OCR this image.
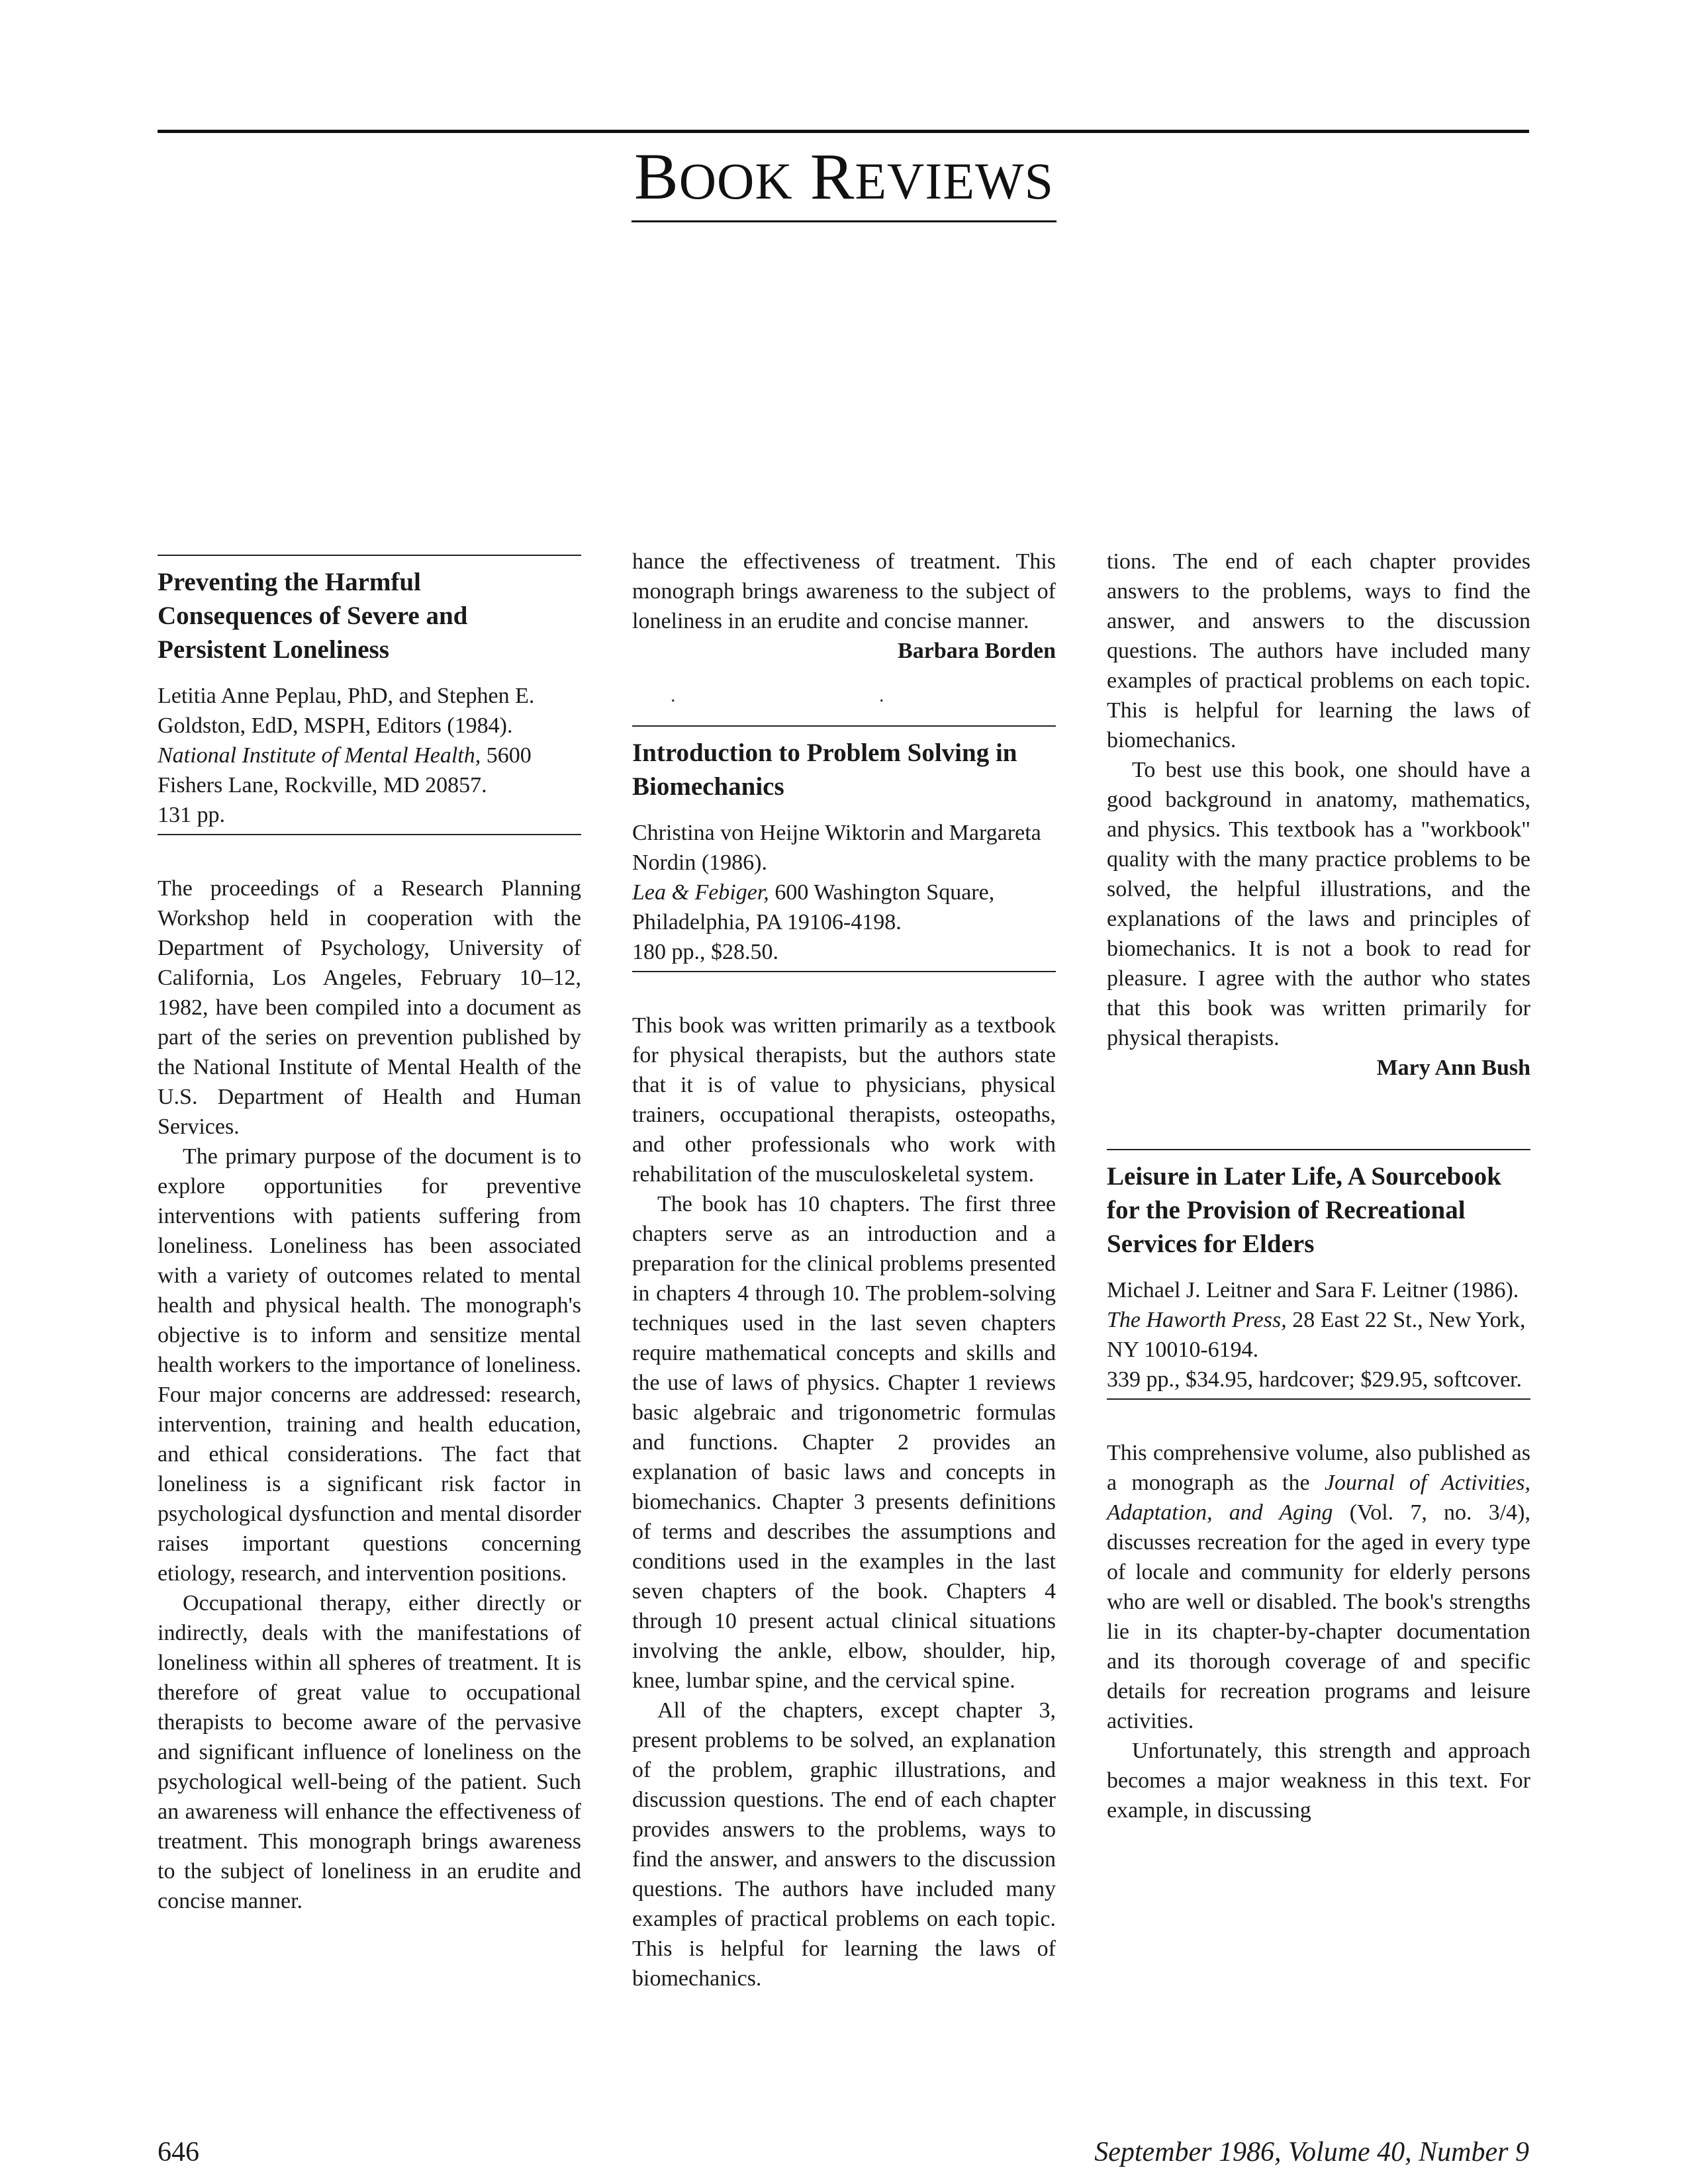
BOOK REVIEWS
Preventing the Harmful Consequences of Severe and Persistent Loneliness

Letitia Anne Peplau, PhD, and Stephen E. Goldston, EdD, MSPH, Editors (1984).

National Institute of Mental Health, 5600 Fishers Lane, Rockville, MD 20857.

131 pp.

The proceedings of a Research Planning Workshop held in cooperation with the Department of Psychology, University of California, Los Angeles, February 10–12, 1982, have been compiled into a document as part of the series on prevention published by the National Institute of Mental Health of the U.S. Department of Health and Human Services.

The primary purpose of the document is to explore opportunities for preventive interventions with patients suffering from loneliness. Loneliness has been associated with a variety of outcomes related to mental health and physical health. The monograph's objective is to inform and sensitize mental health workers to the importance of loneliness. Four major concerns are addressed: research, intervention, training and health education, and ethical considerations. The fact that loneliness is a significant risk factor in psychological dysfunction and mental disorder raises important questions concerning etiology, research, and intervention positions.

Occupational therapy, either directly or indirectly, deals with the manifestations of loneliness within all spheres of treatment. It is therefore of great value to occupational therapists to become aware of the pervasive and significant influence of loneliness on the psychological well-being of the patient. Such an awareness will enhance the effectiveness of treatment. This monograph brings awareness to the subject of loneliness in an erudite and concise manner.

hance the effectiveness of treatment. This monograph brings awareness to the subject of loneliness in an erudite and concise manner.

Barbara Borden

. .
Introduction to Problem Solving in Biomechanics

Christina von Heijne Wiktorin and Margareta Nordin (1986).

Lea & Febiger, 600 Washington Square, Philadelphia, PA 19106-4198.

180 pp., $28.50.

This book was written primarily as a textbook for physical therapists, but the authors state that it is of value to physicians, physical trainers, occupational therapists, osteopaths, and other professionals who work with rehabilitation of the musculoskeletal system.

The book has 10 chapters. The first three chapters serve as an introduction and a preparation for the clinical problems presented in chapters 4 through 10. The problem-solving techniques used in the last seven chapters require mathematical concepts and skills and the use of laws of physics. Chapter 1 reviews basic algebraic and trigonometric formulas and functions. Chapter 2 provides an explanation of basic laws and concepts in biomechanics. Chapter 3 presents definitions of terms and describes the assumptions and conditions used in the examples in the last seven chapters of the book. Chapters 4 through 10 present actual clinical situations involving the ankle, elbow, shoulder, hip, knee, lumbar spine, and the cervical spine.

All of the chapters, except chapter 3, present problems to be solved, an explanation of the problem, graphic illustrations, and discussion questions. The end of each chapter provides answers to the problems, ways to find the answer, and answers to the discussion questions. The authors have included many examples of practical problems on each topic. This is helpful for learning the laws of biomechanics.

tions. The end of each chapter provides answers to the problems, ways to find the answer, and answers to the discussion questions. The authors have included many examples of practical problems on each topic. This is helpful for learning the laws of biomechanics.

To best use this book, one should have a good background in anatomy, mathematics, and physics. This textbook has a "workbook" quality with the many practice problems to be solved, the helpful illustrations, and the explanations of the laws and principles of biomechanics. It is not a book to read for pleasure. I agree with the author who states that this book was written primarily for physical therapists.

Mary Ann Bush

Leisure in Later Life, A Sourcebook for the Provision of Recreational Services for Elders

Michael J. Leitner and Sara F. Leitner (1986).

The Haworth Press, 28 East 22 St., New York, NY 10010-6194.

339 pp., $34.95, hardcover; $29.95, softcover.

This comprehensive volume, also published as a monograph as the Journal of Activities, Adaptation, and Aging (Vol. 7, no. 3/4), discusses recreation for the aged in every type of locale and community for elderly persons who are well or disabled. The book's strengths lie in its chapter-by-chapter documentation and its thorough coverage of and specific details for recreation programs and leisure activities.

Unfortunately, this strength and approach becomes a major weakness in this text. For example, in discussing

646	September 1986, Volume 40, Number 9
